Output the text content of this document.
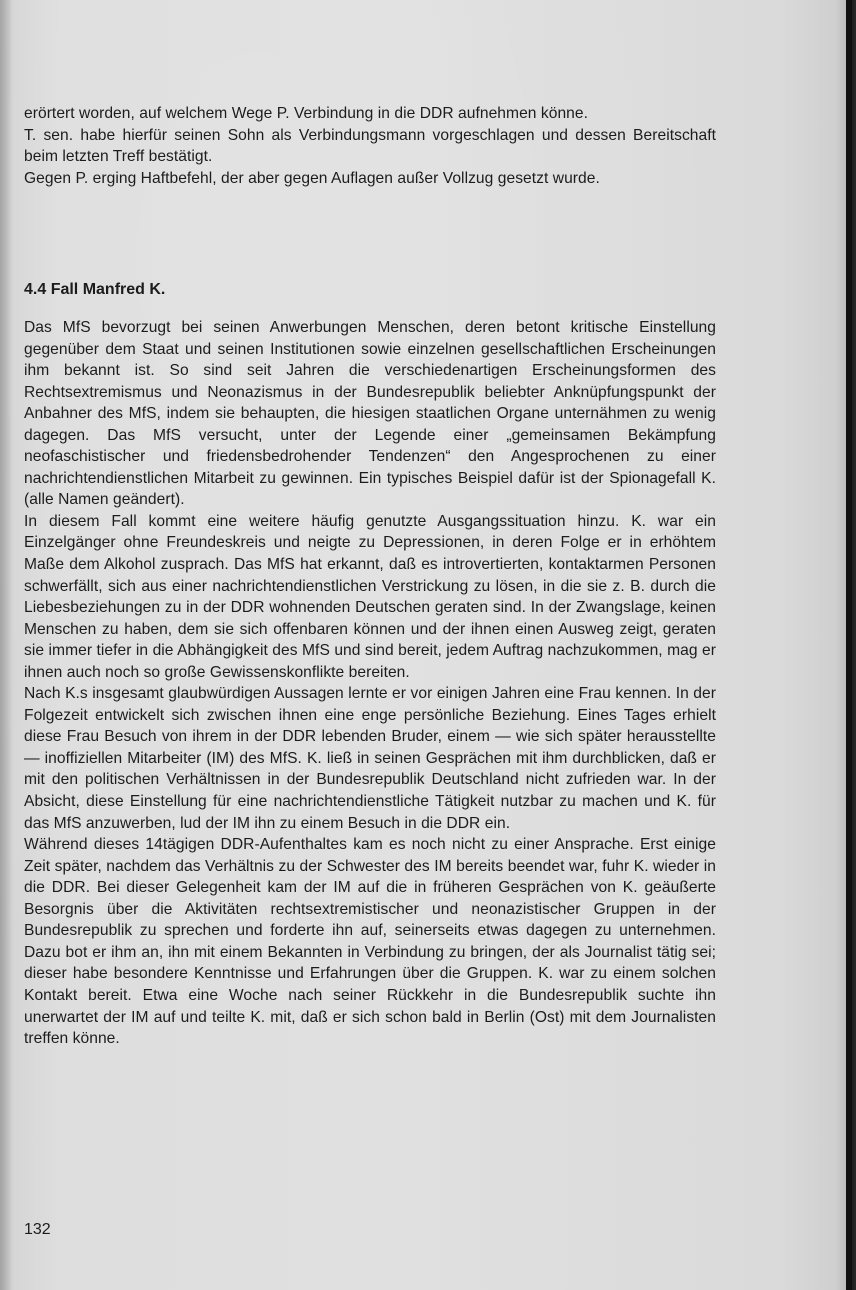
erörtert worden, auf welchem Wege P. Verbindung in die DDR aufnehmen könne.

T. sen. habe hierfür seinen Sohn als Verbindungsmann vorgeschlagen und dessen Bereitschaft beim letzten Treff bestätigt.

Gegen P. erging Haftbefehl, der aber gegen Auflagen außer Vollzug gesetzt wurde.

4.4 Fall Manfred K.

Das MfS bevorzugt bei seinen Anwerbungen Menschen, deren betont kritische Einstellung gegenüber dem Staat und seinen Institutionen sowie einzelnen gesellschaftlichen Erscheinungen ihm bekannt ist. So sind seit Jahren die verschiedenartigen Erscheinungsformen des Rechtsextremismus und Neonazismus in der Bundesrepublik beliebter Anknüpfungspunkt der Anbahner des MfS, indem sie behaupten, die hiesigen staatlichen Organe unternähmen zu wenig dagegen. Das MfS versucht, unter der Legende einer „gemeinsamen Bekämpfung neofaschistischer und friedensbedrohender Tendenzen“ den Angesprochenen zu einer nachrichtendienstlichen Mitarbeit zu gewinnen. Ein typisches Beispiel dafür ist der Spionagefall K. (alle Namen geändert).

In diesem Fall kommt eine weitere häufig genutzte Ausgangssituation hinzu. K. war ein Einzelgänger ohne Freundeskreis und neigte zu Depressionen, in deren Folge er in erhöhtem Maße dem Alkohol zusprach. Das MfS hat erkannt, daß es introvertierten, kontaktarmen Personen schwerfällt, sich aus einer nachrichtendienstlichen Verstrickung zu lösen, in die sie z. B. durch die Liebesbeziehungen zu in der DDR wohnenden Deutschen geraten sind. In der Zwangslage, keinen Menschen zu haben, dem sie sich offenbaren können und der ihnen einen Ausweg zeigt, geraten sie immer tiefer in die Abhängigkeit des MfS und sind bereit, jedem Auftrag nachzukommen, mag er ihnen auch noch so große Gewissenskonflikte bereiten.

Nach K.s insgesamt glaubwürdigen Aussagen lernte er vor einigen Jahren eine Frau kennen. In der Folgezeit entwickelt sich zwischen ihnen eine enge persönliche Beziehung. Eines Tages erhielt diese Frau Besuch von ihrem in der DDR lebenden Bruder, einem — wie sich später herausstellte — inoffiziellen Mitarbeiter (IM) des MfS. K. ließ in seinen Gesprächen mit ihm durchblicken, daß er mit den politischen Verhältnissen in der Bundesrepublik Deutschland nicht zufrieden war. In der Absicht, diese Einstellung für eine nachrichtendienstliche Tätigkeit nutzbar zu machen und K. für das MfS anzuwerben, lud der IM ihn zu einem Besuch in die DDR ein.

Während dieses 14tägigen DDR-Aufenthaltes kam es noch nicht zu einer Ansprache. Erst einige Zeit später, nachdem das Verhältnis zu der Schwester des IM bereits beendet war, fuhr K. wieder in die DDR. Bei dieser Gelegenheit kam der IM auf die in früheren Gesprächen von K. geäußerte Besorgnis über die Aktivitäten rechtsextremistischer und neonazistischer Gruppen in der Bundesrepublik zu sprechen und forderte ihn auf, seinerseits etwas dagegen zu unternehmen. Dazu bot er ihm an, ihn mit einem Bekannten in Verbindung zu bringen, der als Journalist tätig sei; dieser habe besondere Kenntnisse und Erfahrungen über die Gruppen. K. war zu einem solchen Kontakt bereit. Etwa eine Woche nach seiner Rückkehr in die Bundesrepublik suchte ihn unerwartet der IM auf und teilte K. mit, daß er sich schon bald in Berlin (Ost) mit dem Journalisten treffen könne.

132
